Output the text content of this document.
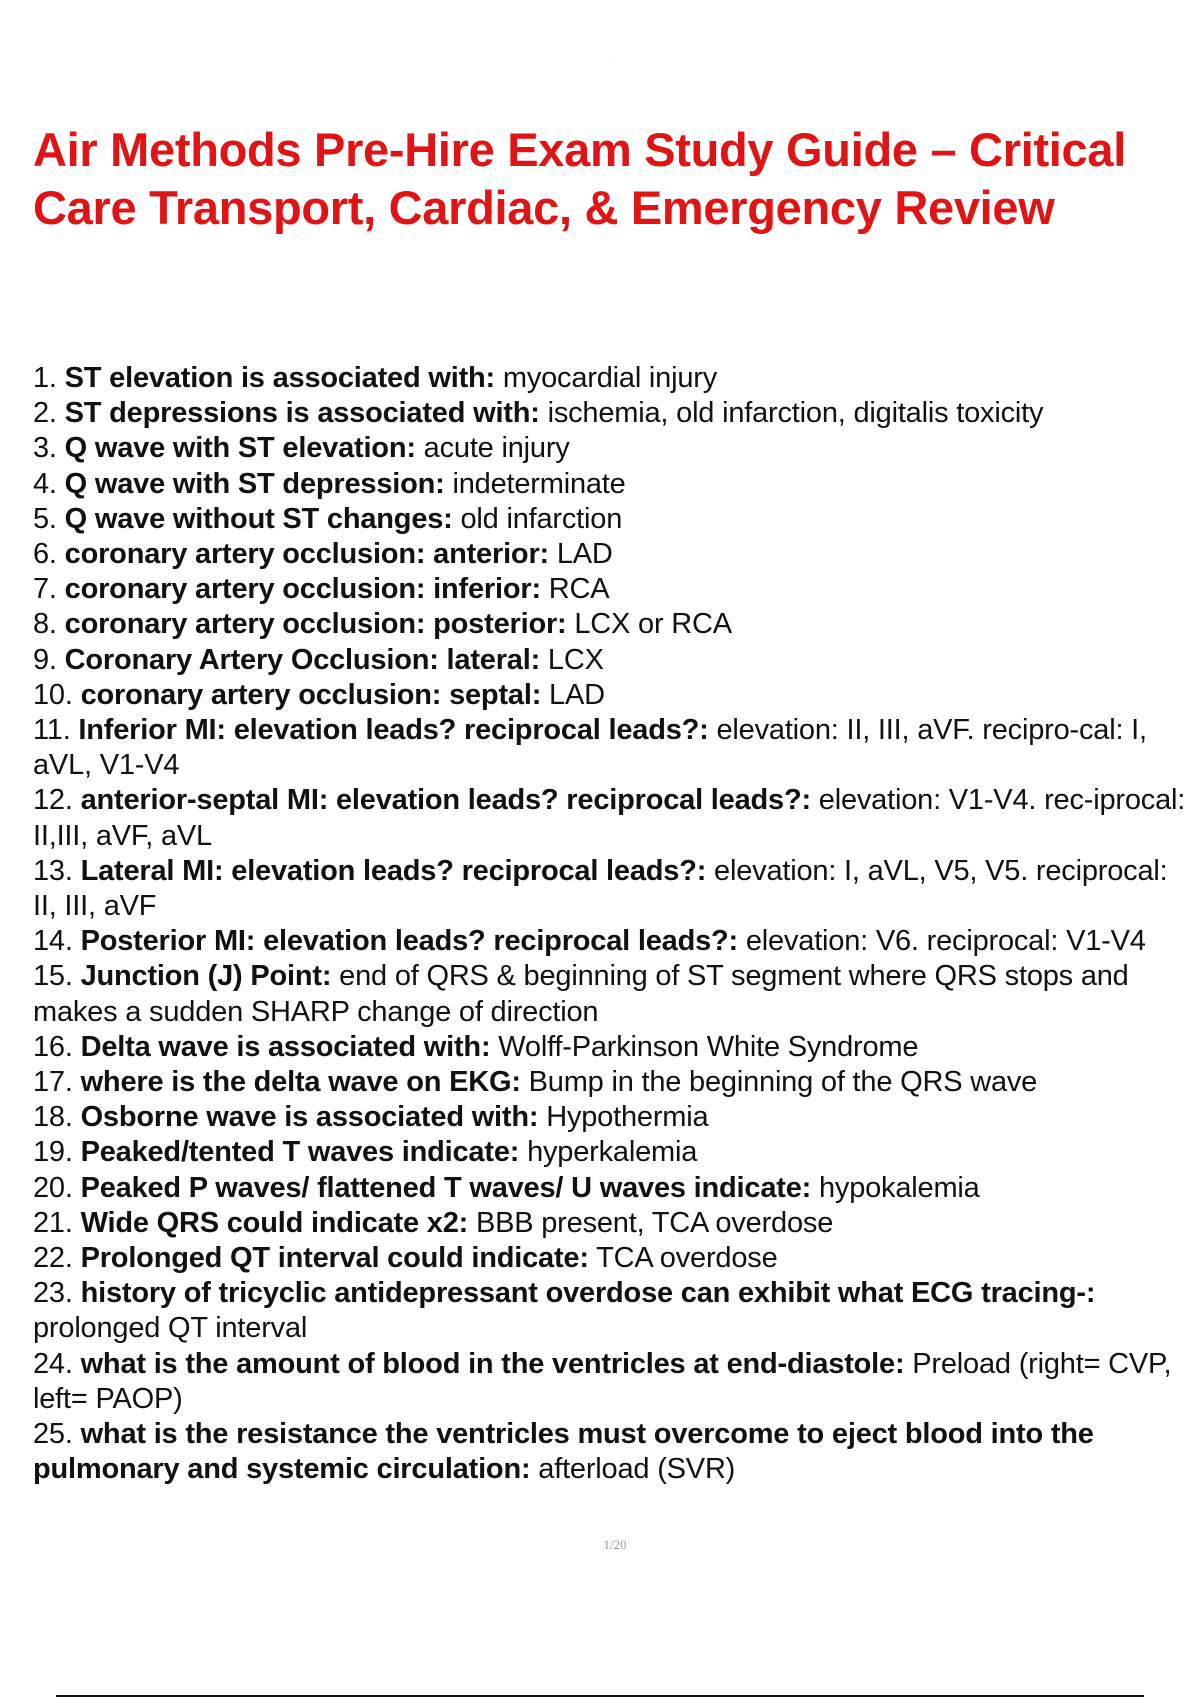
·
Air Methods Pre-Hire Exam Study Guide – Critical Care Transport, Cardiac, & Emergency Review
1. ST elevation is associated with: myocardial injury
2. ST depressions is associated with: ischemia, old infarction, digitalis toxicity
3. Q wave with ST elevation: acute injury
4. Q wave with ST depression: indeterminate
5. Q wave without ST changes: old infarction
6. coronary artery occlusion: anterior: LAD
7. coronary artery occlusion: inferior: RCA
8. coronary artery occlusion: posterior: LCX or RCA
9. Coronary Artery Occlusion: lateral: LCX
10. coronary artery occlusion: septal: LAD
11. Inferior MI: elevation leads? reciprocal leads?: elevation: II, III, aVF. recipro-cal: I, aVL, V1-V4
12. anterior-septal MI: elevation leads? reciprocal leads?: elevation: V1-V4. rec-iprocal: II,III, aVF, aVL
13. Lateral MI: elevation leads? reciprocal leads?: elevation: I, aVL, V5, V5. reciprocal: II, III, aVF
14. Posterior MI: elevation leads? reciprocal leads?: elevation: V6. reciprocal: V1-V4
15. Junction (J) Point: end of QRS & beginning of ST segment where QRS stops and makes a sudden SHARP change of direction
16. Delta wave is associated with: Wolff-Parkinson White Syndrome
17. where is the delta wave on EKG: Bump in the beginning of the QRS wave
18. Osborne wave is associated with: Hypothermia
19. Peaked/tented T waves indicate: hyperkalemia
20. Peaked P waves/ flattened T waves/ U waves indicate: hypokalemia
21. Wide QRS could indicate x2: BBB present, TCA overdose
22. Prolonged QT interval could indicate: TCA overdose
23. history of tricyclic antidepressant overdose can exhibit what ECG tracing-: prolonged QT interval
24. what is the amount of blood in the ventricles at end-diastole: Preload (right= CVP, left= PAOP)
25. what is the resistance the ventricles must overcome to eject blood into the pulmonary and systemic circulation: afterload (SVR)
1/20
